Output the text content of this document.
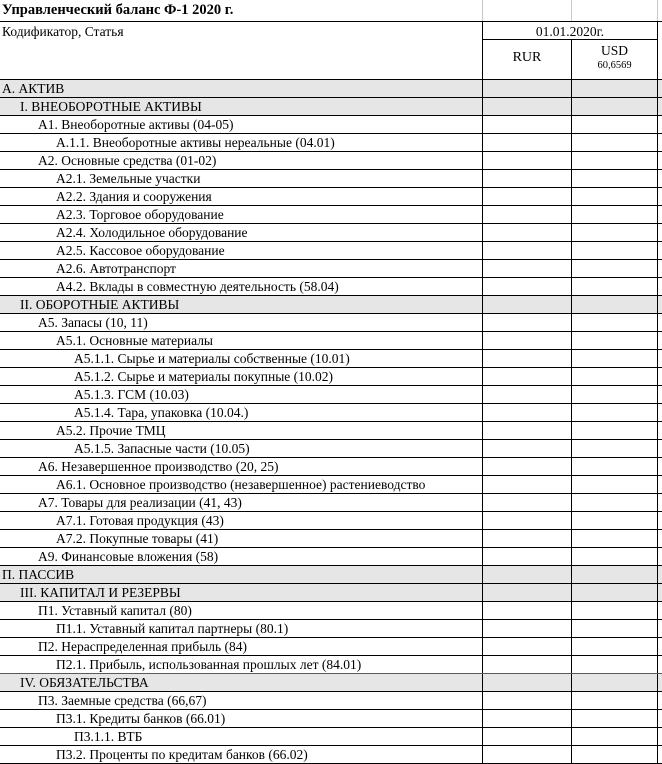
Управленческий баланс Ф-1 2020 г.
Кодификатор, Статья	01.01.2020г.
RUR	USD
60,6569
А. АКТИВ
I. ВНЕОБОРОТНЫЕ АКТИВЫ
А1. Внеоборотные активы (04-05)
А.1.1. Внеоборотные активы нереальные (04.01)
А2. Основные средства (01-02)
А2.1. Земельные участки
А2.2. Здания и сооружения
А2.3. Торговое оборудование
А2.4. Холодильное оборудование
А2.5. Кассовое оборудование
А2.6. Автотранспорт
А4.2. Вклады в совместную деятельность (58.04)
II. ОБОРОТНЫЕ АКТИВЫ
А5. Запасы (10, 11)
А5.1. Основные материалы
А5.1.1. Сырье и материалы собственные (10.01)
А5.1.2. Сырье и материалы покупные (10.02)
А5.1.3. ГСМ (10.03)
А5.1.4. Тара, упаковка (10.04.)
А5.2. Прочие ТМЦ
А5.1.5. Запасные части (10.05)
А6. Незавершенное производство (20, 25)
А6.1. Основное производство (незавершенное) растениеводство
А7. Товары для реализации (41, 43)
А7.1. Готовая продукция (43)
А7.2. Покупные товары (41)
А9. Финансовые вложения (58)
П. ПАССИВ
III. КАПИТАЛ И РЕЗЕРВЫ
П1. Уставный капитал (80)
П1.1. Уставный капитал партнеры (80.1)
П2. Нераспределенная прибыль (84)
П2.1. Прибыль, использованная прошлых лет (84.01)
IV. ОБЯЗАТЕЛЬСТВА
П3. Заемные средства (66,67)
П3.1. Кредиты банков (66.01)
П3.1.1. ВТБ
П3.2. Проценты по кредитам банков (66.02)
